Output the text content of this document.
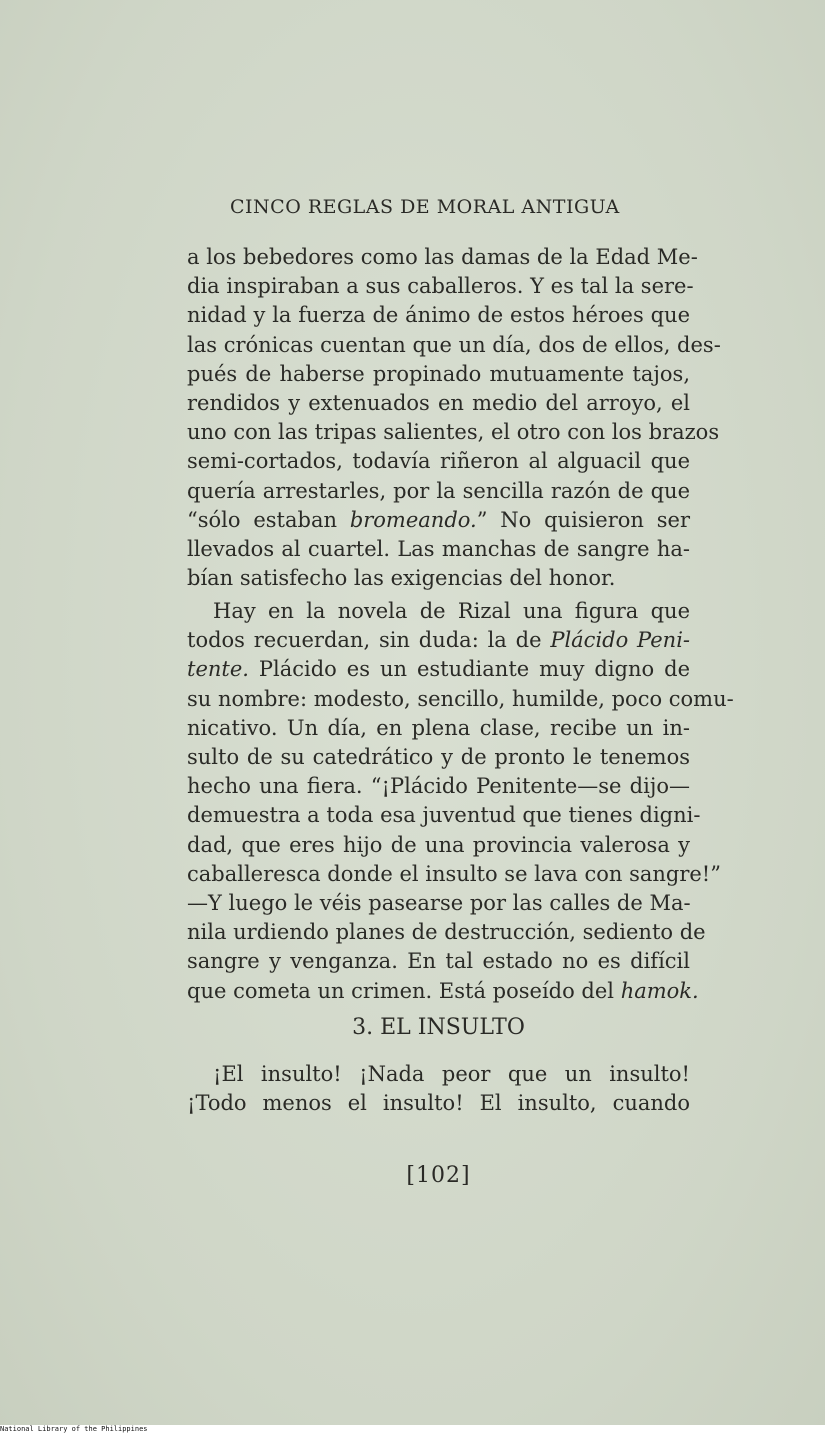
CINCO REGLAS DE MORAL ANTIGUA
a los bebedores como las damas de la Edad Me-
dia inspiraban a sus caballeros. Y es tal la sere-
nidad y la fuerza de ánimo de estos héroes que
las crónicas cuentan que un día, dos de ellos, des-
pués de haberse propinado mutuamente tajos,
rendidos y extenuados en medio del arroyo, el
uno con las tripas salientes, el otro con los brazos
semi-cortados, todavía riñeron al alguacil que
quería arrestarles, por la sencilla razón de que
“sólo estaban bromeando.” No quisieron ser
llevados al cuartel. Las manchas de sangre ha-
bían satisfecho las exigencias del honor.
Hay en la novela de Rizal una figura que
todos recuerdan, sin duda: la de Plácido Peni-
tente. Plácido es un estudiante muy digno de
su nombre: modesto, sencillo, humilde, poco comu-
nicativo. Un día, en plena clase, recibe un in-
sulto de su catedrático y de pronto le tenemos
hecho una fiera. “¡Plácido Penitente—se dijo—
demuestra a toda esa juventud que tienes digni-
dad, que eres hijo de una provincia valerosa y
caballeresca donde el insulto se lava con sangre!”
—Y luego le véis pasearse por las calles de Ma-
nila urdiendo planes de destrucción, sediento de
sangre y venganza. En tal estado no es difícil
que cometa un crimen. Está poseído del hamok.
3. EL INSULTO
¡El insulto! ¡Nada peor que un insulto!
¡Todo menos el insulto! El insulto, cuando
[102]
National Library of the Philippines
